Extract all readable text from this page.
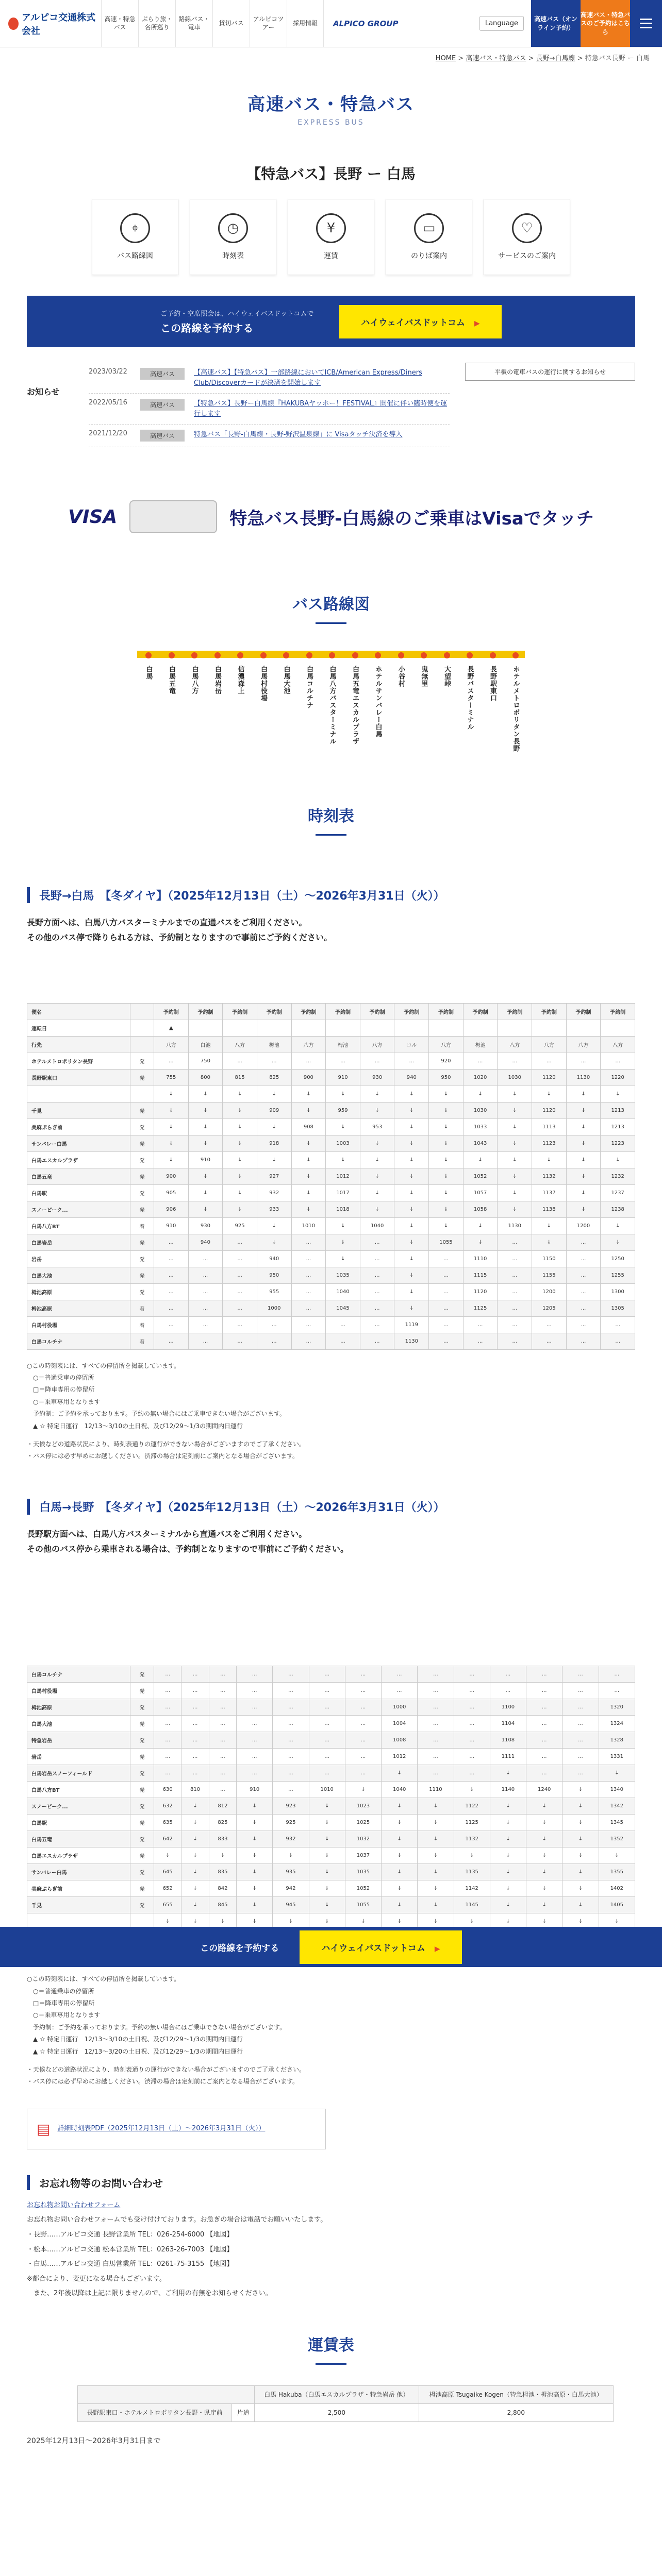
アルピコ交通株式会社
高速・特急バス
ぶらり旅・名所巡り
路線バス・電車
貸切バス
アルピコツアー
採用情報	ALPICO GROUP	Language
高速バス（オンライン予約）
高速バス・特急バスのご予約はこちら
HOME > 高速バス・特急バス > 長野→白馬線 > 特急バス長野 ー 白馬
高速バス・特急バス

EXPRESS BUS

【特急バス】長野 ー 白馬
⌖
バス路線図
◷
時刻表
¥
運賃
▭
のりば案内
♡
サービスのご案内
ご予約・空席照会は、ハイウェイバスドットコムで
この路線を予約する	ハイウェイバスドットコム ▶
お知らせ
2023/03/22	高速バス	【高速バス】【特急バス】一部路線においてICB/American Express/Diners Club/Discoverカードが決済を開始します
2022/05/16	高速バス	【特急バス】長野ー白馬線『HAKUBAヤッホー！FESTIVAL』開催に伴い臨時便を運行します
2021/12/20	高速バス	特急バス「長野-白馬線・長野-野沢温泉線」に Visaタッチ決済を導入
平板の電車バスの運行に関するお知らせ
VISA	特急バス長野-白馬線のご乗車はVisaでタッチ
バス路線図
白馬 白馬五竜 白馬八方 白馬岩岳 信濃森上 白馬村役場 白馬大池 白馬コルチナ 白馬八方バスターミナル 白馬五竜エスカルプラザ ホテルサンバレー白馬 小谷村 鬼無里 大望峠 長野バスターミナル 長野駅東口 ホテルメトロポリタン長野
時刻表
長野→白馬　【冬ダイヤ】（2025年12月13日（土）〜2026年3月31日（火））
長野方面へは、白馬八方バスターミナルまでの直通バスをご利用ください。
その他のバス停で降りられる方は、予約制となりますので事前にご予約ください。
便名		予約制	予約制	予約制	予約制	予約制	予約制	予約制	予約制	予約制	予約制	予約制	予約制	予約制	予約制
運転日		▲													
行先		八方	白池	八方	栂池	八方	栂池	八方	コル	八方	栂池	八方	八方	八方	八方
ホテルメトロポリタン長野	発	...	750	...	...	...	...	...	...	920	...	...	...	...	...
長野駅東口	発	755	800	815	825	900	910	930	940	950	1020	1030	1120	1130	1220
		↓	↓	↓	↓	↓	↓	↓	↓	↓	↓	↓	↓	↓	↓
千見	発	↓	↓	↓	909	↓	959	↓	↓	↓	1030	↓	1120	↓	1213
美麻ぷらぎ前	発	↓	↓	↓	↓	908	↓	953	↓	↓	1033	↓	1113	↓	1213
サンバレー白馬	発	↓	↓	↓	918	↓	1003	↓	↓	↓	1043	↓	1123	↓	1223
白馬エスカルプラザ	発	↓	910	↓	↓	↓	↓	↓	↓	↓	↓	↓	↓	↓	↓
白馬五竜	発	900	↓	↓	927	↓	1012	↓	↓	↓	1052	↓	1132	↓	1232
白馬駅	発	905	↓	↓	932	↓	1017	↓	↓	↓	1057	↓	1137	↓	1237
スノーピーク...	発	906	↓	↓	933	↓	1018	↓	↓	↓	1058	↓	1138	↓	1238
白馬八方BT	着	910	930	925	↓	1010	↓	1040	↓	↓	↓	1130	↓	1200	↓
白馬岩岳	発	...	940	...	↓	...	↓	...	↓	1055	↓	...	↓	...	↓
岩岳	発	...	...	...	940	...	↓	...	↓	...	1110	...	1150	...	1250
白馬大池	発	...	...	...	950	...	1035	...	↓	...	1115	...	1155	...	1255
栂池高原	発	...	...	...	955	...	1040	...	↓	...	1120	...	1200	...	1300
栂池高原	着	...	...	...	1000	...	1045	...	↓	...	1125	...	1205	...	1305
白馬村役場	着	...	...	...	...	...	...	...	1119	...	...	...	...	...	...
白馬コルチナ	着	...	...	...	...	...	...	...	1130	...	...	...	...	...	...
○この時刻表には、すべての停留所を掲載しています。
　○＝普通乗車の停留所
　□＝降車専用の停留所
　○＝乗車専用となります
　予約制：ご予約を承っております。予約の無い場合にはご乗車できない場合がございます。
　▲ ☆ 特定日運行　12/13〜3/10の土日祝、及び12/29〜1/3の期間内日運行
・天候などの道路状況により、時刻表通りの運行ができない場合がございますのでご了承ください。
・バス停には必ず早めにお越しください。渋滞の場合は定刻前にご案内となる場合がございます。
白馬→長野　【冬ダイヤ】（2025年12月13日（土）〜2026年3月31日（火））
長野駅方面へは、白馬八方バスターミナルから直通バスをご利用ください。
その他のバス停から乗車される場合は、予約制となりますので事前にご予約ください。
白馬コルチナ	発	...	...	...	...	...	...	...	...	...	...	...	...	...	...
白馬村役場	発	...	...	...	...	...	...	...	...	...	...	...	...	...	...
栂池高原	発	...	...	...	...	...	...	...	1000	...	...	1100	...	...	1320
白馬大池	発	...	...	...	...	...	...	...	1004	...	...	1104	...	...	1324
特急岩岳	発	...	...	...	...	...	...	...	1008	...	...	1108	...	...	1328
岩岳	発	...	...	...	...	...	...	...	1012	...	...	1111	...	...	1331
白馬岩岳スノーフィールド	発	...	...	...	...	...	...	...	↓	...	...	↓	...	...	↓
白馬八方BT	発	630	810	...	910	...	1010	↓	1040	1110	↓	1140	1240	↓	1340
スノーピーク...	発	632	↓	812	↓	923	↓	1023	↓	↓	1122	↓	↓	↓	1342
白馬駅	発	635	↓	825	↓	925	↓	1025	↓	↓	1125	↓	↓	↓	1345
白馬五竜	発	642	↓	833	↓	932	↓	1032	↓	↓	1132	↓	↓	↓	1352
白馬エスカルプラザ	発	↓	↓	↓	↓	↓	↓	1037	↓	↓	↓	↓	↓	↓	↓
サンバレー白馬	発	645	↓	835	↓	935	↓	1035	↓	↓	1135	↓	↓	↓	1355
美麻ぷらぎ前	発	652	↓	842	↓	942	↓	1052	↓	↓	1142	↓	↓	↓	1402
千見	発	655	↓	845	↓	945	↓	1055	↓	↓	1145	↓	↓	↓	1405
		↓	↓	↓	↓	↓	↓	↓	↓	↓	↓	↓	↓	↓	↓

○この時刻表には、すべての停留所を掲載しています。
　○＝普通乗車の停留所
　□＝降車専用の停留所
　○＝乗車専用となります
　予約制：ご予約を承っております。予約の無い場合にはご乗車できない場合がございます。
　▲ ☆ 特定日運行　12/13〜3/10の土日祝、及び12/29〜1/3の期間内日運行
　▲ ☆ 特定日運行　12/13〜3/20の土日祝、及び12/29〜1/3の期間内日運行
・天候などの道路状況により、時刻表通りの運行ができない場合がございますのでご了承ください。
・バス停には必ず早めにお越しください。渋滞の場合は定刻前にご案内となる場合がございます。
この路線を予約する	ハイウェイバスドットコム ▶
▤ 詳細時刻表PDF（2025年12月13日（土）〜2026年3月31日（火））
お忘れ物等のお問い合わせ
お忘れ物お問い合わせフォーム
お忘れ物お問い合わせフォームでも受け付けております。お急ぎの場合は電話でお願いいたします。
・長野……アルピコ交通 長野営業所 TEL：026-254-6000 【地図】
・松本……アルピコ交通 松本営業所 TEL：0263-26-7003 【地図】
・白馬……アルピコ交通 白馬営業所 TEL：0261-75-3155 【地図】
※都合により、変更になる場合もございます。
　また、2年後以降は上記に限りませんので、ご利用の有無をお知らせください。
運賃表
		白馬 Hakuba（白馬エスカルプラザ・特急岩岳 他）	栂池高原 Tsugaike Kogen（特急栂池・栂池高原・白馬大池）
長野駅東口・ホテルメトロポリタン長野・県庁前	片道	2,500	2,800
2025年12月13日〜2026年3月31日まで
